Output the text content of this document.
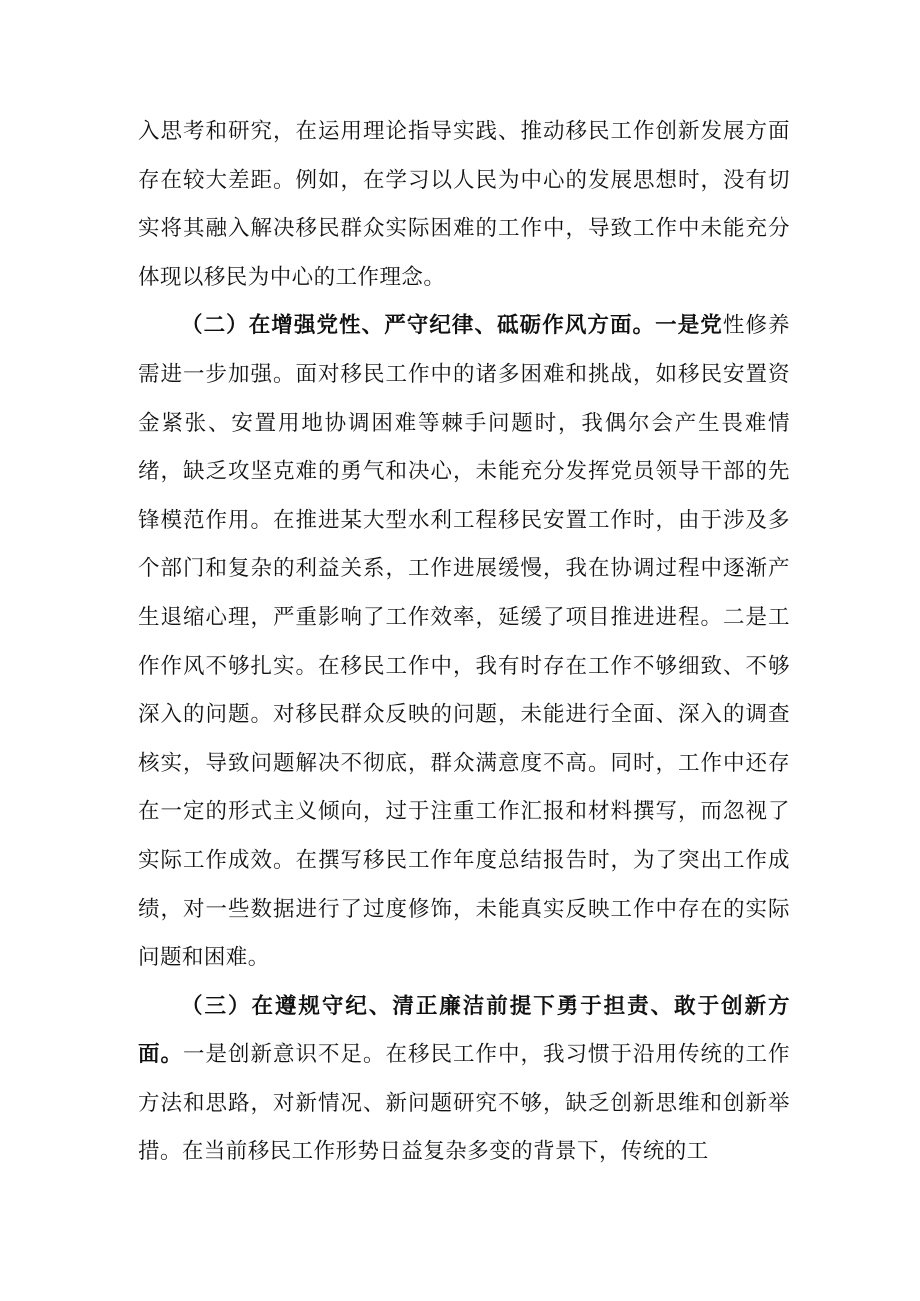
入思考和研究，在运用理论指导实践、推动移民工作创新发展方面存在较大差距。例如，在学习以人民为中心的发展思想时，没有切实将其融入解决移民群众实际困难的工作中，导致工作中未能充分体现以移民为中心的工作理念。

（二）在增强党性、严守纪律、砥砺作风方面。一是党性修养需进一步加强。面对移民工作中的诸多困难和挑战，如移民安置资金紧张、安置用地协调困难等棘手问题时，我偶尔会产生畏难情绪，缺乏攻坚克难的勇气和决心，未能充分发挥党员领导干部的先锋模范作用。在推进某大型水利工程移民安置工作时，由于涉及多个部门和复杂的利益关系，工作进展缓慢，我在协调过程中逐渐产生退缩心理，严重影响了工作效率，延缓了项目推进进程。二是工作作风不够扎实。在移民工作中，我有时存在工作不够细致、不够深入的问题。对移民群众反映的问题，未能进行全面、深入的调查核实，导致问题解决不彻底，群众满意度不高。同时，工作中还存在一定的形式主义倾向，过于注重工作汇报和材料撰写，而忽视了实际工作成效。在撰写移民工作年度总结报告时，为了突出工作成绩，对一些数据进行了过度修饰，未能真实反映工作中存在的实际问题和困难。

（三）在遵规守纪、清正廉洁前提下勇于担责、敢于创新方面。一是创新意识不足。在移民工作中，我习惯于沿用传统的工作方法和思路，对新情况、新问题研究不够，缺乏创新思维和创新举措。在当前移民工作形势日益复杂多变的背景下，传统的工
